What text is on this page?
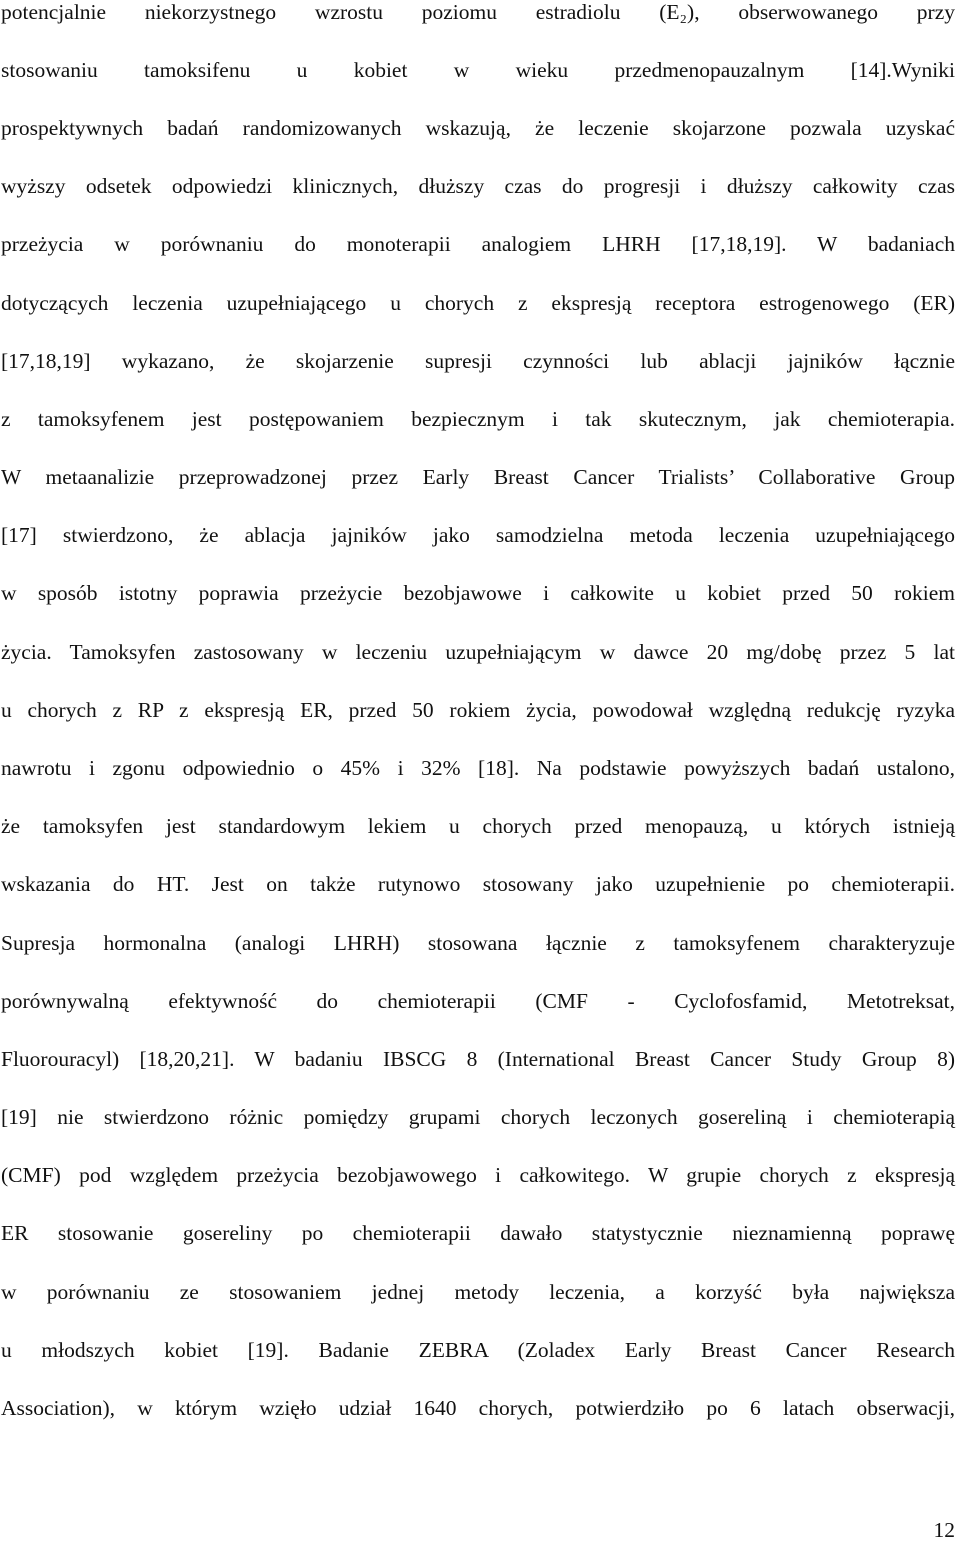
potencjalnie niekorzystnego wzrostu poziomu estradiolu (E₂), obserwowanego przy
stosowaniu tamoksifenu u kobiet w wieku przedmenopauzalnym [14].Wyniki
prospektywnych badań randomizowanych wskazują, że leczenie skojarzone pozwala uzyskać
wyższy odsetek odpowiedzi klinicznych, dłuższy czas do progresji i dłuższy całkowity czas
przeżycia w porównaniu do monoterapii analogiem LHRH [17,18,19]. W badaniach
dotyczących leczenia uzupełniającego u chorych z ekspresją receptora estrogenowego (ER)
[17,18,19] wykazano, że skojarzenie supresji czynności lub ablacji jajników łącznie
z tamoksyfenem jest postępowaniem bezpiecznym i tak skutecznym, jak chemioterapia.
W metaanalizie przeprowadzonej przez Early Breast Cancer Trialists’ Collaborative Group
[17] stwierdzono, że ablacja jajników jako samodzielna metoda leczenia uzupełniającego
w sposób istotny poprawia przeżycie bezobjawowe i całkowite u kobiet przed 50 rokiem
życia. Tamoksyfen zastosowany w leczeniu uzupełniającym w dawce 20 mg/dobę przez 5 lat
u chorych z RP z ekspresją ER, przed 50 rokiem życia, powodował względną redukcję ryzyka
nawrotu i zgonu odpowiednio o 45% i 32% [18]. Na podstawie powyższych badań ustalono,
że tamoksyfen jest standardowym lekiem u chorych przed menopauzą, u których istnieją
wskazania do HT. Jest on także rutynowo stosowany jako uzupełnienie po chemioterapii.
Supresja hormonalna (analogi LHRH) stosowana łącznie z tamoksyfenem charakteryzuje
porównywalną efektywność do chemioterapii (CMF - Cyclofosfamid, Metotreksat,
Fluorouracyl) [18,20,21]. W badaniu IBSCG 8 (International Breast Cancer Study Group 8)
[19] nie stwierdzono różnic pomiędzy grupami chorych leczonych gosereliną i chemioterapią
(CMF) pod względem przeżycia bezobjawowego i całkowitego. W grupie chorych z ekspresją
ER stosowanie gosereliny po chemioterapii dawało statystycznie nieznamienną poprawę
w porównaniu ze stosowaniem jednej metody leczenia, a korzyść była największa
u młodszych kobiet [19]. Badanie ZEBRA (Zoladex Early Breast Cancer Research
Association), w którym wzięło udział 1640 chorych, potwierdziło po 6 latach obserwacji,
12
